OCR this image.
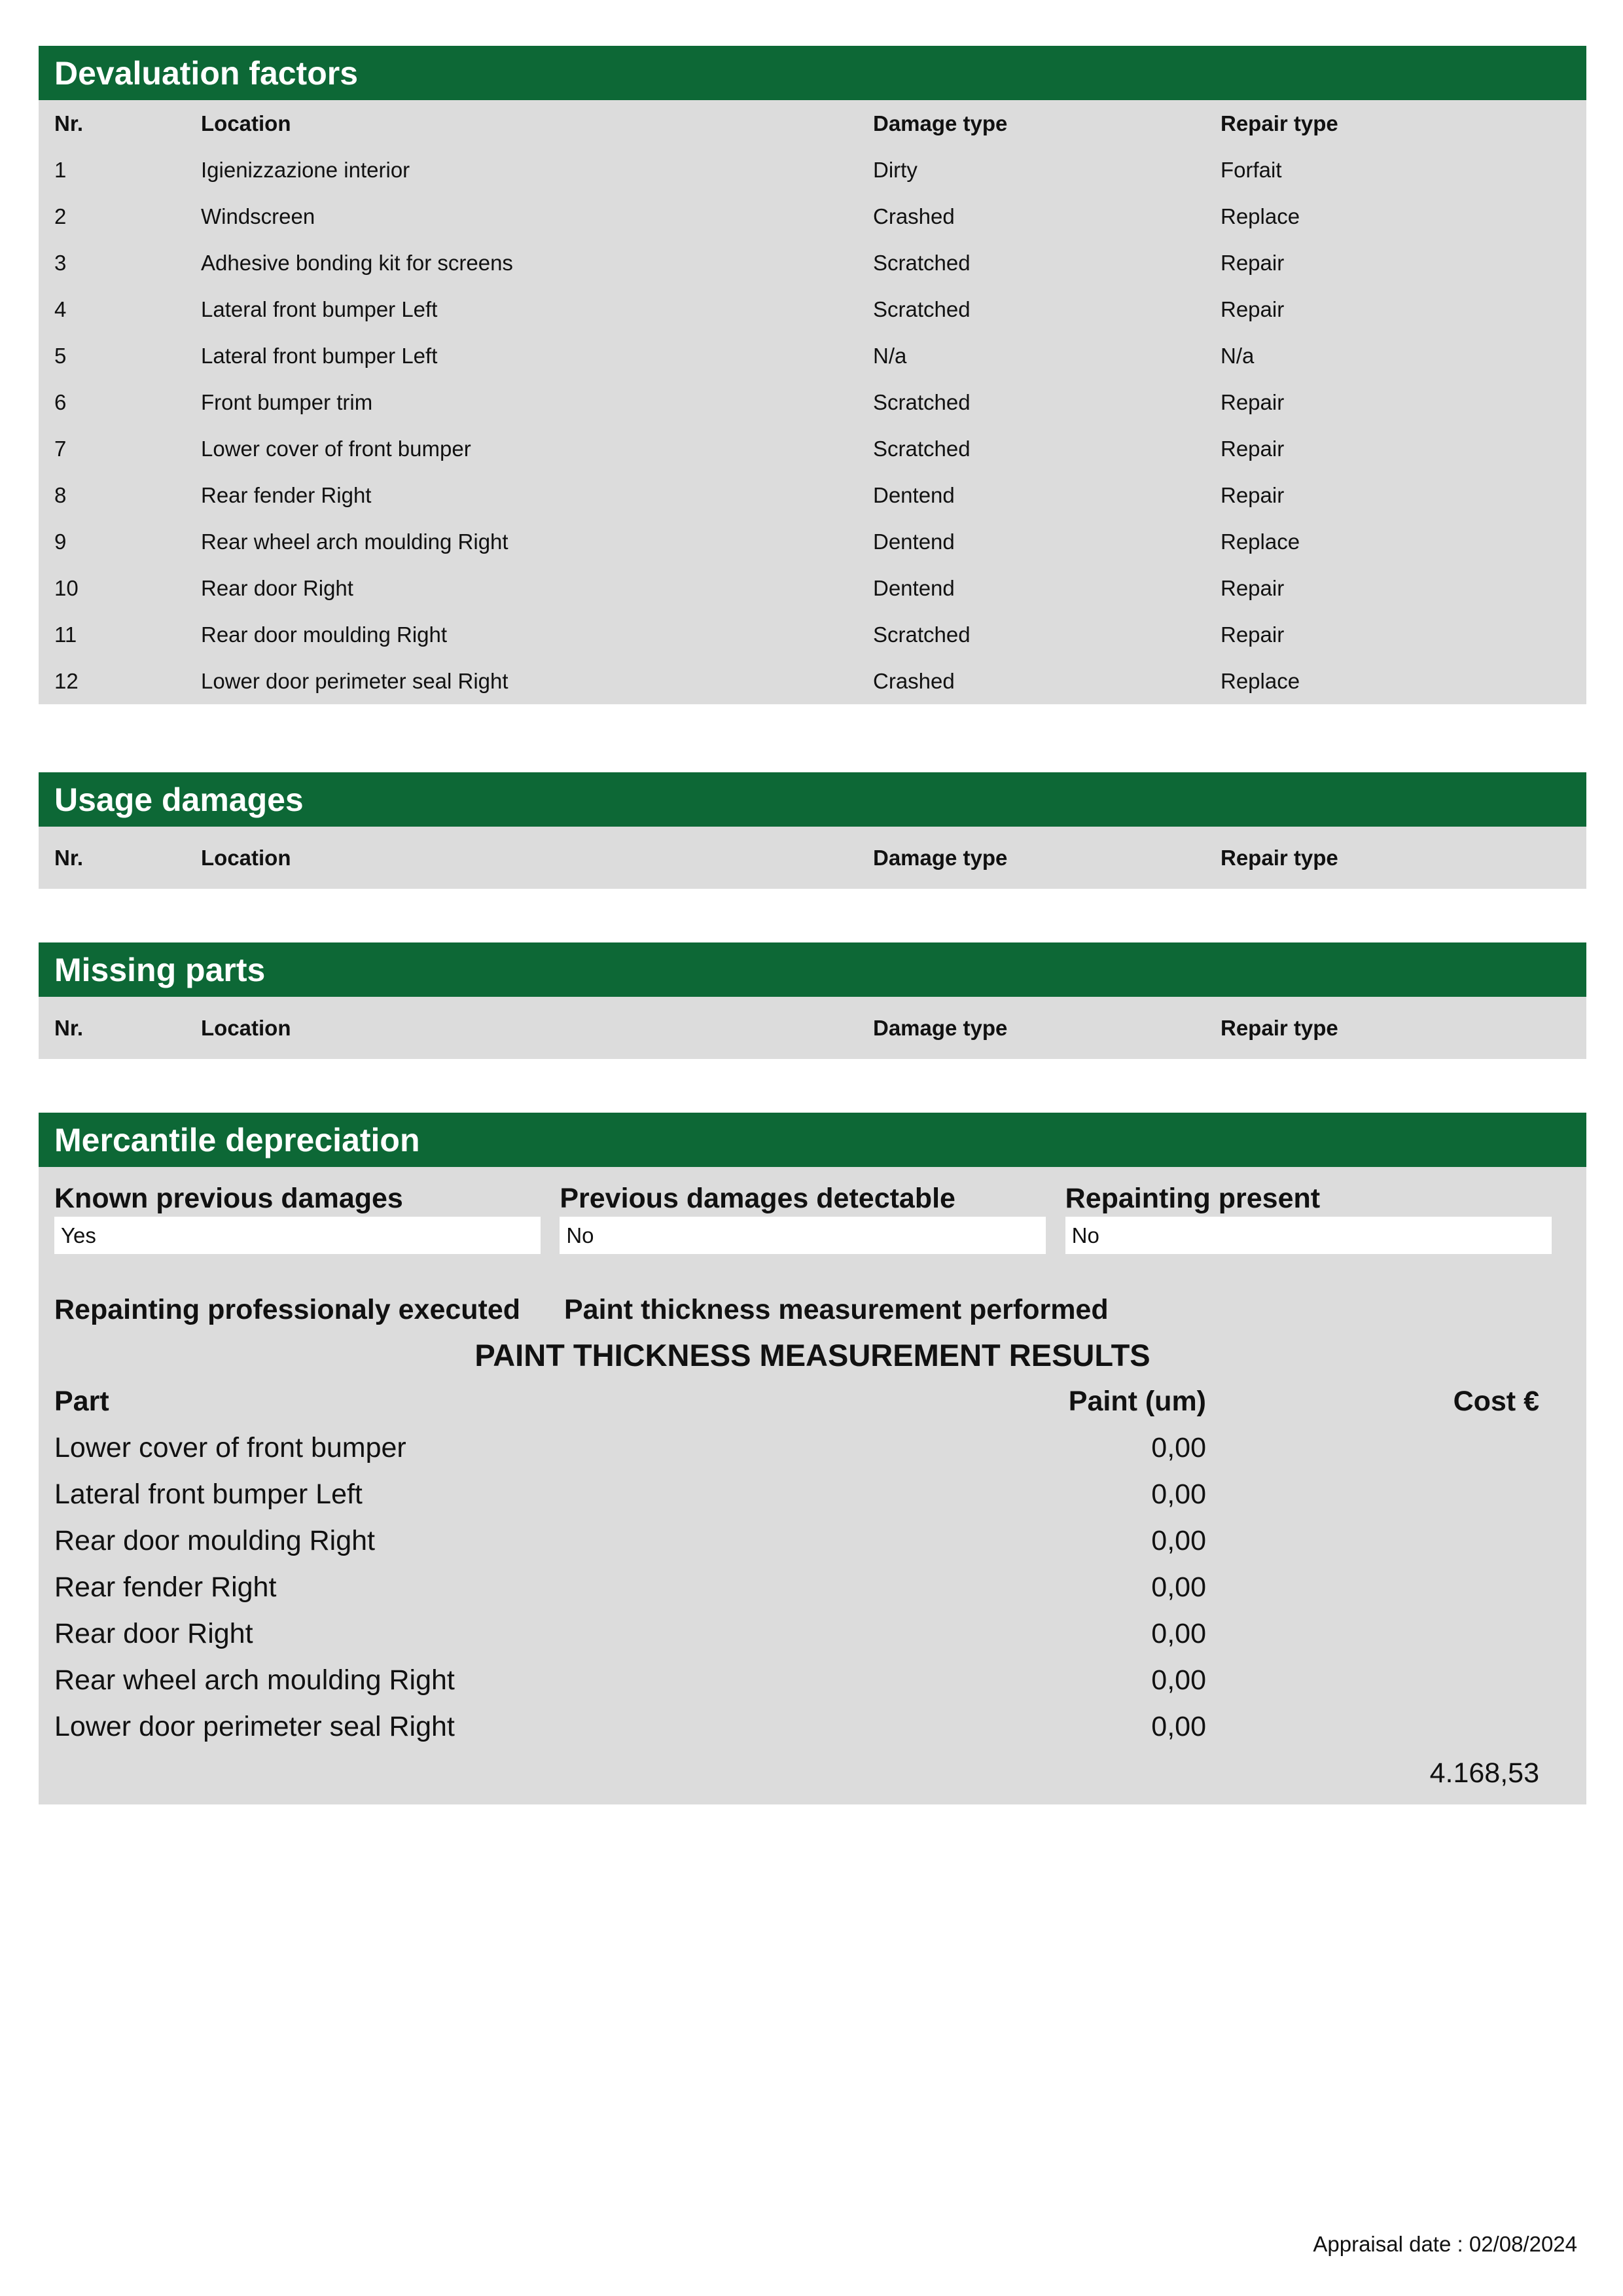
Devaluation factors
Nr.	Location	Damage type	Repair type
1	Igienizzazione interior	Dirty	Forfait
2	Windscreen	Crashed	Replace
3	Adhesive bonding kit for screens	Scratched	Repair
4	Lateral front bumper Left	Scratched	Repair
5	Lateral front bumper Left	N/a	N/a
6	Front bumper trim	Scratched	Repair
7	Lower cover of front bumper	Scratched	Repair
8	Rear fender Right	Dentend	Repair
9	Rear wheel arch moulding Right	Dentend	Replace
10	Rear door Right	Dentend	Repair
11	Rear door moulding Right	Scratched	Repair
12	Lower door perimeter seal Right	Crashed	Replace
Usage damages
Nr.	Location	Damage type	Repair type
Missing parts
Nr.	Location	Damage type	Repair type
Mercantile depreciation
Known previous damages
Yes
Previous damages detectable
No
Repainting present
No
Repainting professionaly executed	Paint thickness measurement performed
PAINT THICKNESS MEASUREMENT RESULTS
Part	Paint (um)	Cost €
Lower cover of front bumper	0,00
Lateral front bumper Left	0,00
Rear door moulding Right	0,00
Rear fender Right	0,00
Rear door Right	0,00
Rear wheel arch moulding Right	0,00
Lower door perimeter seal Right	0,00
4.168,53
Appraisal date : 02/08/2024
